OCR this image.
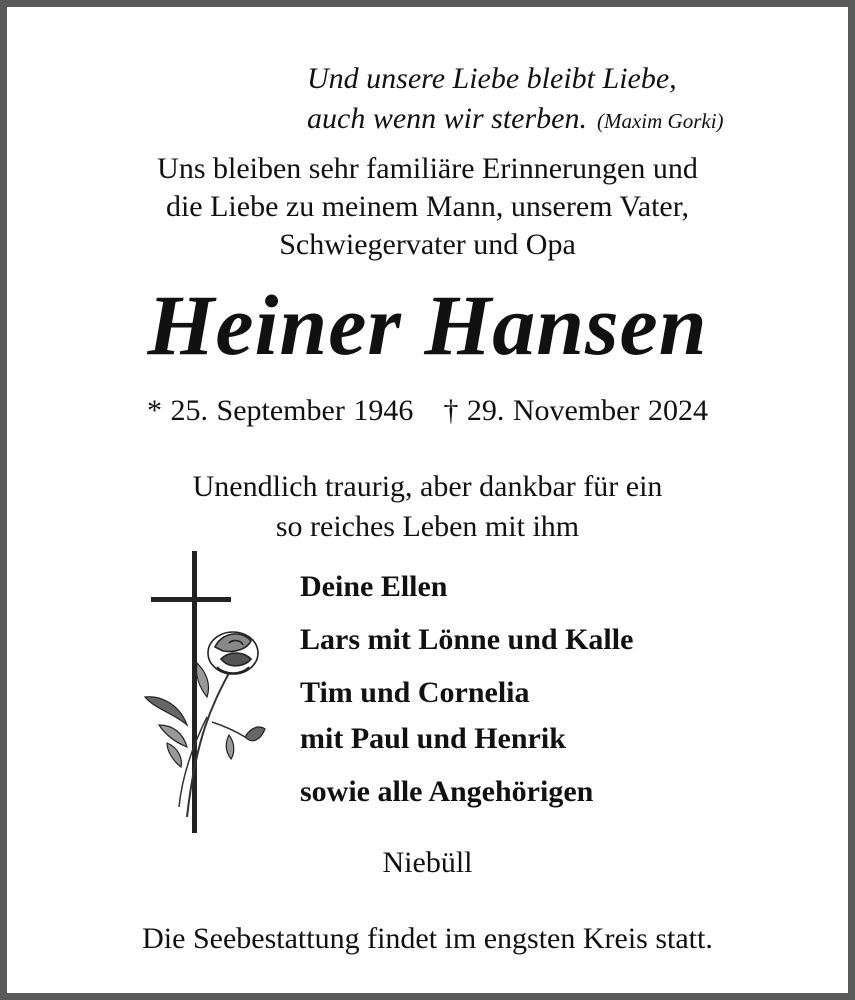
Und unsere Liebe bleibt Liebe,
auch wenn wir sterben. (Maxim Gorki)
Uns bleiben sehr familiäre Erinnerungen und
die Liebe zu meinem Mann, unserem Vater,
Schwiegervater und Opa
Heiner Hansen
* 25. September 1946 † 29. November 2024
Unendlich traurig, aber dankbar für ein
so reiches Leben mit ihm
Deine Ellen
Lars mit Lönne und Kalle
Tim und Cornelia
mit Paul und Henrik
sowie alle Angehörigen
Niebüll
Die Seebestattung findet im engsten Kreis statt.
